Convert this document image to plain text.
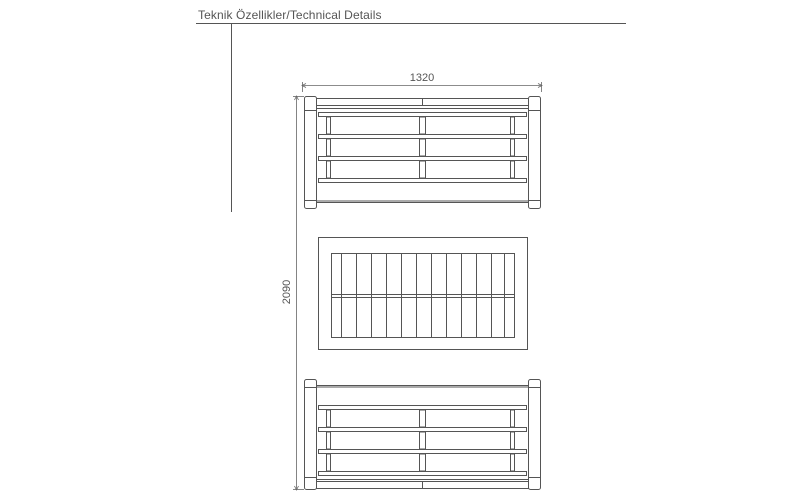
Teknik Özellikler/Technical Details
1320
2090
